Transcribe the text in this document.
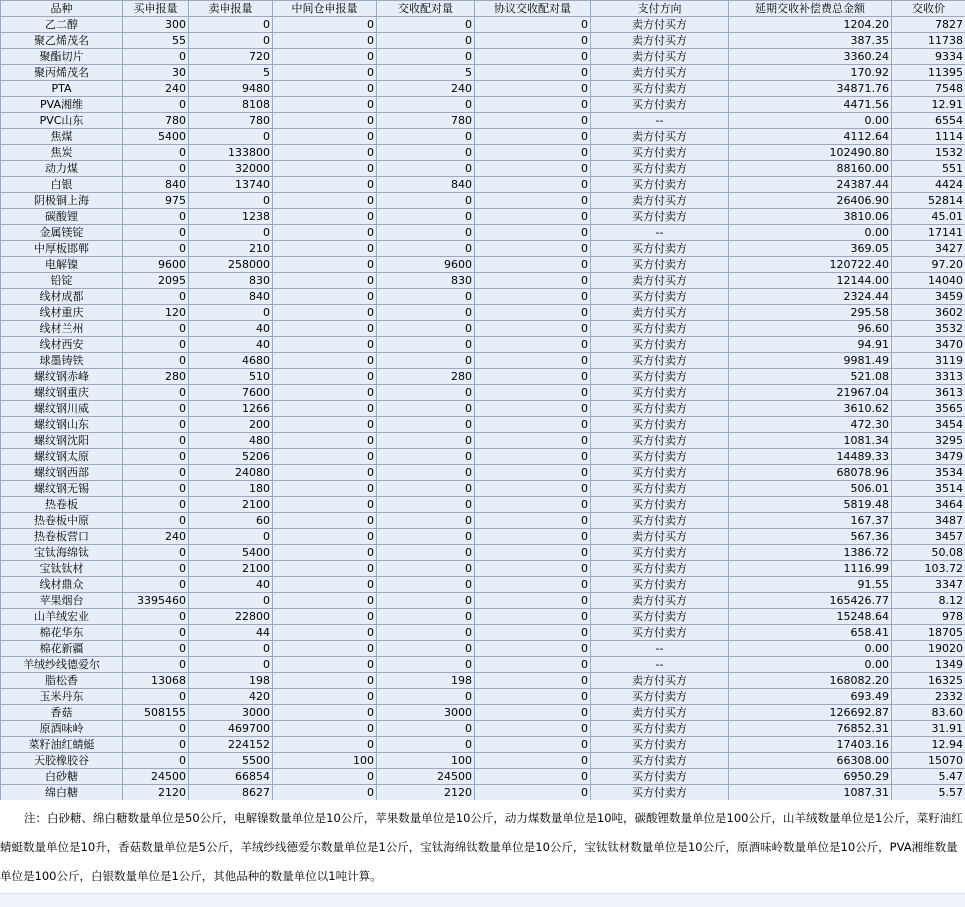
品种	买申报量	卖申报量	中间仓申报量	交收配对量	协议交收配对量	支付方向	延期交收补偿费总金额	交收价
乙二醇	300	0	0	0	0	卖方付买方	1204.20	7827
聚乙烯茂名	55	0	0	0	0	卖方付买方	387.35	11738
聚酯切片	0	720	0	0	0	卖方付买方	3360.24	9334
聚丙烯茂名	30	5	0	5	0	卖方付买方	170.92	11395
PTA	240	9480	0	240	0	买方付卖方	34871.76	7548
PVA湘维	0	8108	0	0	0	买方付卖方	4471.56	12.91
PVC山东	780	780	0	780	0	--	0.00	6554
焦煤	5400	0	0	0	0	卖方付买方	4112.64	1114
焦炭	0	133800	0	0	0	买方付卖方	102490.80	1532
动力煤	0	32000	0	0	0	买方付卖方	88160.00	551
白银	840	13740	0	840	0	买方付卖方	24387.44	4424
阴极铜上海	975	0	0	0	0	卖方付买方	26406.90	52814
碳酸锂	0	1238	0	0	0	买方付卖方	3810.06	45.01
金属镁锭	0	0	0	0	0	--	0.00	17141
中厚板邯郸	0	210	0	0	0	买方付卖方	369.05	3427
电解镍	9600	258000	0	9600	0	买方付卖方	120722.40	97.20
铅锭	2095	830	0	830	0	卖方付买方	12144.00	14040
线材成都	0	840	0	0	0	买方付卖方	2324.44	3459
线材重庆	120	0	0	0	0	卖方付买方	295.58	3602
线材兰州	0	40	0	0	0	买方付卖方	96.60	3532
线材西安	0	40	0	0	0	买方付卖方	94.91	3470
球墨铸铁	0	4680	0	0	0	买方付卖方	9981.49	3119
螺纹钢赤峰	280	510	0	280	0	买方付卖方	521.08	3313
螺纹钢重庆	0	7600	0	0	0	买方付卖方	21967.04	3613
螺纹钢川威	0	1266	0	0	0	买方付卖方	3610.62	3565
螺纹钢山东	0	200	0	0	0	买方付卖方	472.30	3454
螺纹钢沈阳	0	480	0	0	0	买方付卖方	1081.34	3295
螺纹钢太原	0	5206	0	0	0	买方付卖方	14489.33	3479
螺纹钢西部	0	24080	0	0	0	买方付卖方	68078.96	3534
螺纹钢无锡	0	180	0	0	0	买方付卖方	506.01	3514
热卷板	0	2100	0	0	0	买方付卖方	5819.48	3464
热卷板中原	0	60	0	0	0	买方付卖方	167.37	3487
热卷板营口	240	0	0	0	0	卖方付买方	567.36	3457
宝钛海绵钛	0	5400	0	0	0	买方付卖方	1386.72	50.08
宝钛钛材	0	2100	0	0	0	买方付卖方	1116.99	103.72
线材鼎众	0	40	0	0	0	买方付卖方	91.55	3347
苹果烟台	3395460	0	0	0	0	卖方付买方	165426.77	8.12
山羊绒宏业	0	22800	0	0	0	买方付卖方	15248.64	978
棉花华东	0	44	0	0	0	买方付卖方	658.41	18705
棉花新疆	0	0	0	0	0	--	0.00	19020
羊绒纱线德爱尔	0	0	0	0	0	--	0.00	1349
脂松香	13068	198	0	198	0	卖方付买方	168082.20	16325
玉米丹东	0	420	0	0	0	买方付卖方	693.49	2332
香菇	508155	3000	0	3000	0	卖方付买方	126692.87	83.60
原酒味岭	0	469700	0	0	0	买方付卖方	76852.31	31.91
菜籽油红蜻蜓	0	224152	0	0	0	买方付卖方	17403.16	12.94
天胶橡胶谷	0	5500	100	100	0	买方付卖方	66308.00	15070
白砂糖	24500	66854	0	24500	0	买方付卖方	6950.29	5.47
绵白糖	2120	8627	0	2120	0	买方付卖方	1087.31	5.57

注：白砂糖、绵白糖数量单位是50公斤，电解镍数量单位是10公斤，苹果数量单位是10公斤，动力煤数量单位是10吨，碳酸锂数量单位是100公斤，山羊绒数量单位是1公斤，菜籽油红蜻蜓数量单位是10升，香菇数量单位是5公斤，羊绒纱线德爱尔数量单位是1公斤，宝钛海绵钛数量单位是10公斤，宝钛钛材数量单位是10公斤，原酒味岭数量单位是10公斤，PVA湘维数量单位是100公斤，白银数量单位是1公斤，其他品种的数量单位以1吨计算。
